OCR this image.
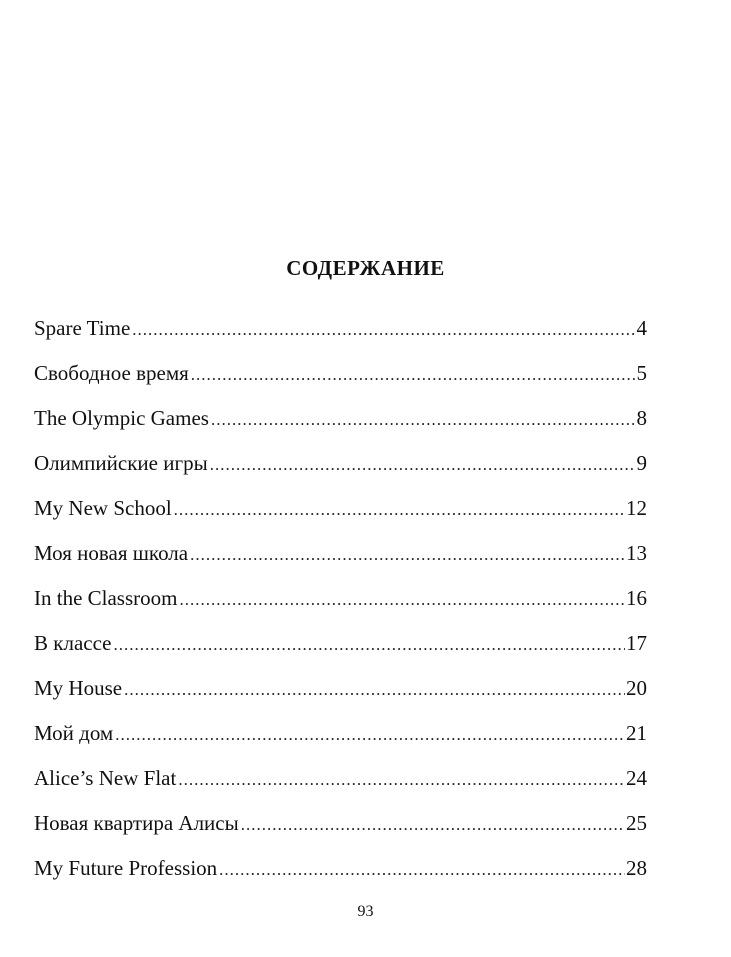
СОДЕРЖАНИЕ
Spare Time .....	4
Свободное время .....	5
The Olympic Games .....	8
Олимпийские игры .....	9
My New School .....	12
Моя новая школа .....	13
In the Classroom .....	16
В классе .....	17
My House .....	20
Мой дом .....	21
Alice’s New Flat .....	24
Новая квартира Алисы .....	25
My Future Profession .....	28

93
